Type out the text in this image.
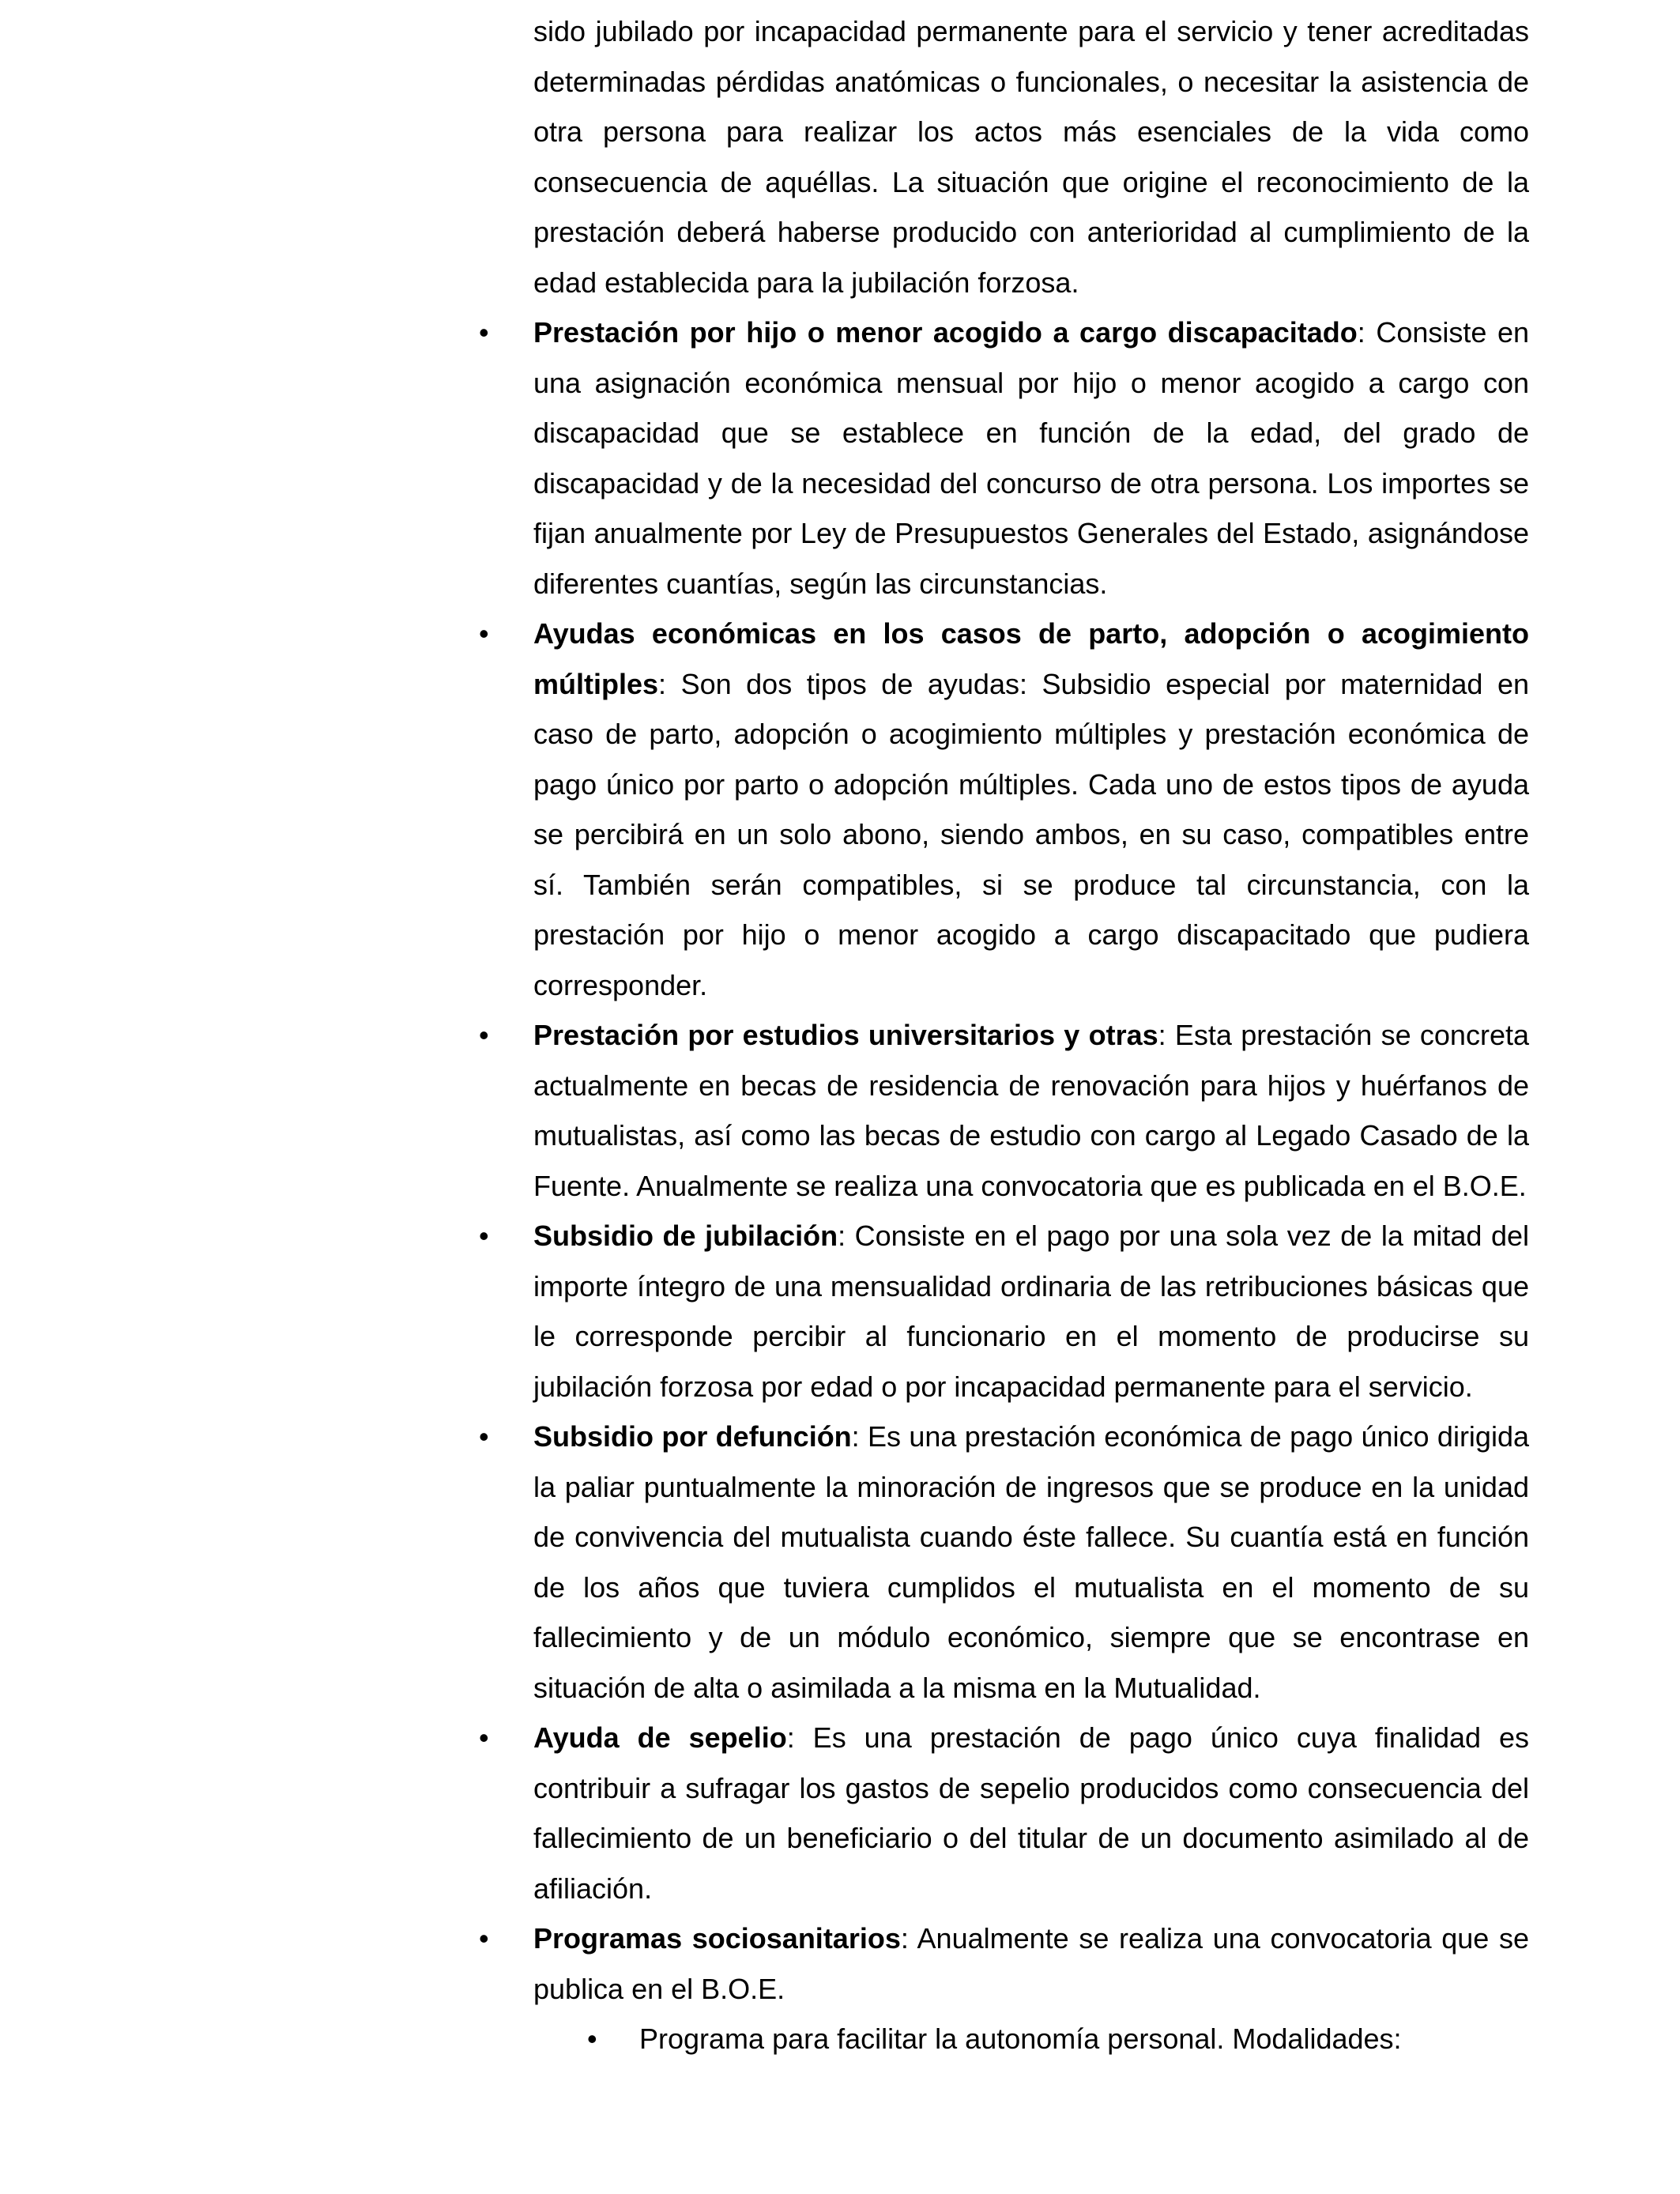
sido jubilado por incapacidad permanente para el servicio y tener acreditadas determinadas pérdidas anatómicas o funcionales, o necesitar la asistencia de otra persona para realizar los actos más esenciales de la vida como consecuencia de aquéllas. La situación que origine el reconocimiento de la prestación deberá haberse producido con anterioridad al cumplimiento de la edad establecida para la jubilación forzosa.

• Prestación por hijo o menor acogido a cargo discapacitado: Consiste en una asignación económica mensual por hijo o menor acogido a cargo con discapacidad que se establece en función de la edad, del grado de discapacidad y de la necesidad del concurso de otra persona. Los importes se fijan anualmente por Ley de Presupuestos Generales del Estado, asignándose diferentes cuantías, según las circunstancias.
• Ayudas económicas en los casos de parto, adopción o acogimiento múltiples: Son dos tipos de ayudas: Subsidio especial por maternidad en caso de parto, adopción o acogimiento múltiples y prestación económica de pago único por parto o adopción múltiples. Cada uno de estos tipos de ayuda se percibirá en un solo abono, siendo ambos, en su caso, compatibles entre sí. También serán compatibles, si se produce tal circunstancia, con la prestación por hijo o menor acogido a cargo discapacitado que pudiera corresponder.
• Prestación por estudios universitarios y otras: Esta prestación se concreta actualmente en becas de residencia de renovación para hijos y huérfanos de mutualistas, así como las becas de estudio con cargo al Legado Casado de la Fuente. Anualmente se realiza una convocatoria que es publicada en el B.O.E.
• Subsidio de jubilación: Consiste en el pago por una sola vez de la mitad del importe íntegro de una mensualidad ordinaria de las retribuciones básicas que le corresponde percibir al funcionario en el momento de producirse su jubilación forzosa por edad o por incapacidad permanente para el servicio.
• Subsidio por defunción: Es una prestación económica de pago único dirigida la paliar puntualmente la minoración de ingresos que se produce en la unidad de convivencia del mutualista cuando éste fallece. Su cuantía está en función de los años que tuviera cumplidos el mutualista en el momento de su fallecimiento y de un módulo económico, siempre que se encontrase en situación de alta o asimilada a la misma en la Mutualidad.
• Ayuda de sepelio: Es una prestación de pago único cuya finalidad es contribuir a sufragar los gastos de sepelio producidos como consecuencia del fallecimiento de un beneficiario o del titular de un documento asimilado al de afiliación.
• Programas sociosanitarios: Anualmente se realiza una convocatoria que se publica en el B.O.E.
• Programa para facilitar la autonomía personal. Modalidades:
